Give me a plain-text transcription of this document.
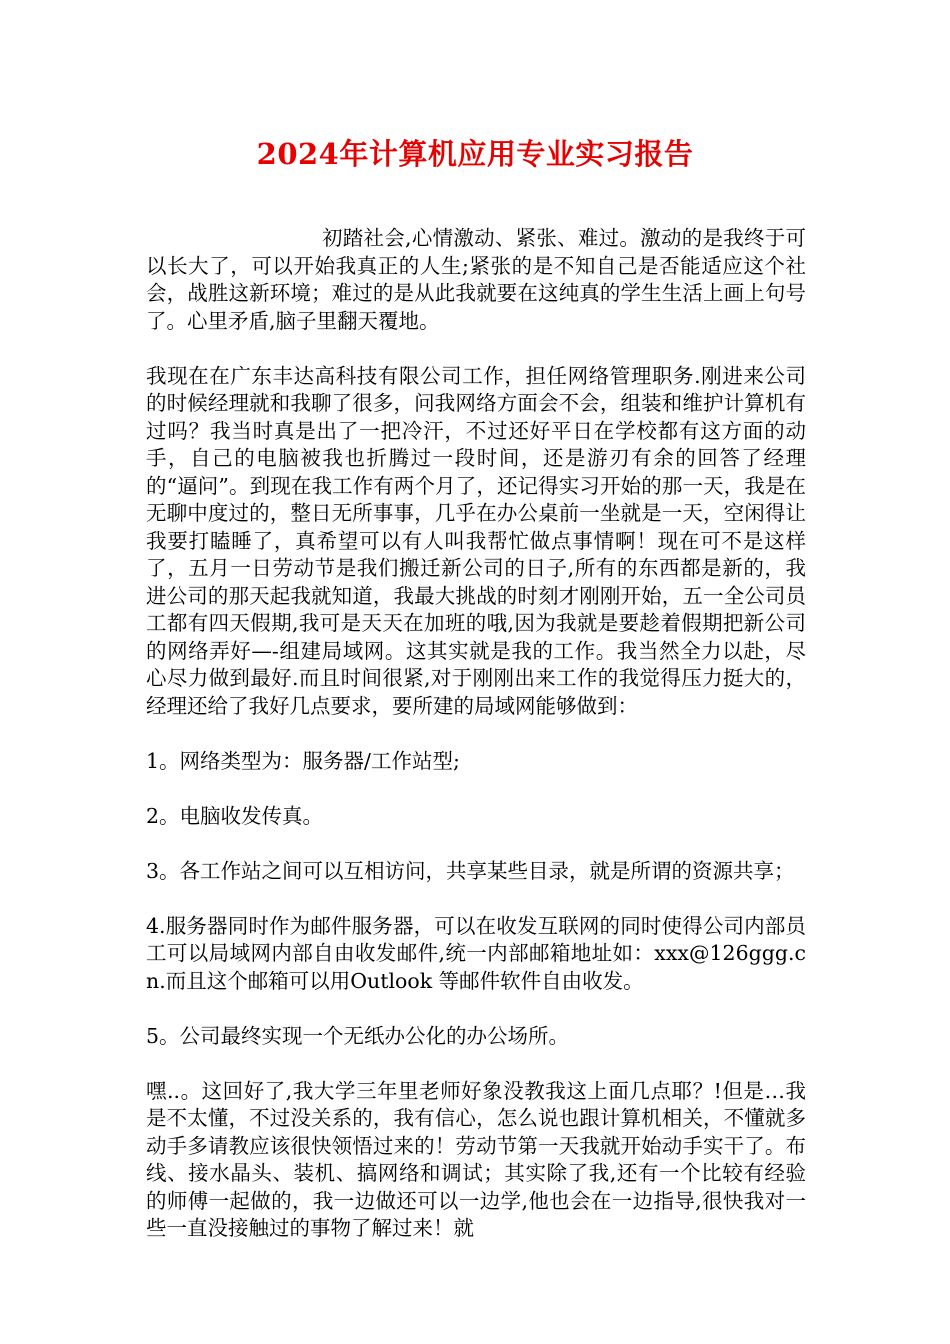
2024年计算机应用专业实习报告

初踏社会,心情激动、紧张、难过。激动的是我终于可以长大了，可以开始我真正的人生;紧张的是不知自己是否能适应这个社会，战胜这新环境；难过的是从此我就要在这纯真的学生生活上画上句号了。心里矛盾,脑子里翻天覆地。

我现在在广东丰达高科技有限公司工作，担任网络管理职务.刚进来公司的时候经理就和我聊了很多，问我网络方面会不会，组装和维护计算机有过吗？我当时真是出了一把冷汗，不过还好平日在学校都有这方面的动手，自己的电脑被我也折腾过一段时间，还是游刃有余的回答了经理的“逼问”。到现在我工作有两个月了，还记得实习开始的那一天，我是在无聊中度过的，整日无所事事，几乎在办公桌前一坐就是一天，空闲得让我要打瞌睡了，真希望可以有人叫我帮忙做点事情啊！现在可不是这样了，五月一日劳动节是我们搬迁新公司的日子,所有的东西都是新的，我进公司的那天起我就知道，我最大挑战的时刻才刚刚开始，五一全公司员工都有四天假期,我可是天天在加班的哦,因为我就是要趁着假期把新公司的网络弄好—-组建局域网。这其实就是我的工作。我当然全力以赴，尽心尽力做到最好.而且时间很紧,对于刚刚出来工作的我觉得压力挺大的，经理还给了我好几点要求，要所建的局域网能够做到：

1。网络类型为：服务器/工作站型;

2。电脑收发传真。

3。各工作站之间可以互相访问，共享某些目录，就是所谓的资源共享；

4.服务器同时作为邮件服务器，可以在收发互联网的同时使得公司内部员工可以局域网内部自由收发邮件,统一内部邮箱地址如：xxx@126ggg.cn.而且这个邮箱可以用Outlook 等邮件软件自由收发。

5。公司最终实现一个无纸办公化的办公场所。

嘿..。这回好了,我大学三年里老师好象没教我这上面几点耶？!但是…我是不太懂，不过没关系的，我有信心，怎么说也跟计算机相关，不懂就多动手多请教应该很快领悟过来的！劳动节第一天我就开始动手实干了。布线、接水晶头、装机、搞网络和调试；其实除了我,还有一个比较有经验的师傅一起做的，我一边做还可以一边学,他也会在一边指导,很快我对一些一直没接触过的事物了解过来！就
